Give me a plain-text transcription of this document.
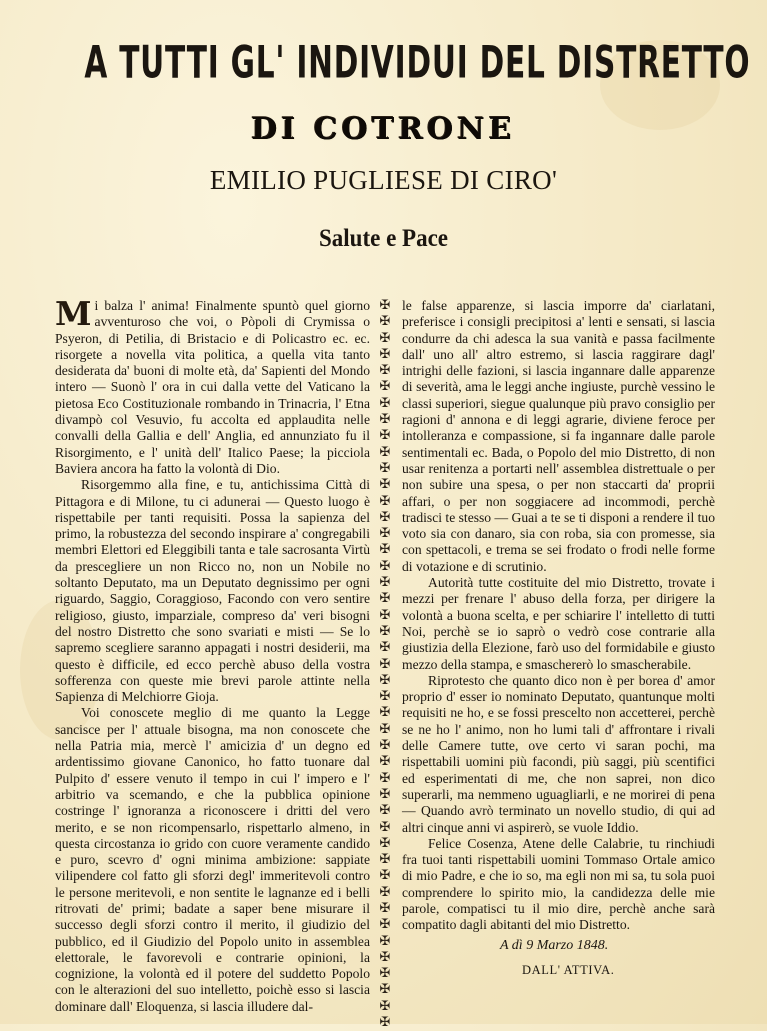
A TUTTI GL' INDIVIDUI DEL DISTRETTO
DI COTRONE
EMILIO PUGLIESE DI CIRO'
Salute e Pace

Mi balza l' anima! Finalmente spuntò quel giorno avventuroso che voi, o Pòpoli di Crymissa o Psyeron, di Petilia, di Bristacio e di Policastro ec. ec. risorgete a novella vita politica, a quella vita tanto desiderata da' buoni di molte età, da' Sapienti del Mondo intero — Suonò l' ora in cui dalla vette del Vaticano la pietosa Eco Costituzionale rombando in Trinacria, l' Etna divampò col Vesuvio, fu accolta ed applaudita nelle convalli della Gallia e dell' Anglia, ed annunziato fu il Risorgimento, e l' unità dell' Italico Paese; la picciola Baviera ancora ha fatto la volontà di Dio.

Risorgemmo alla fine, e tu, antichissima Città di Pittagora e di Milone, tu ci adunerai — Questo luogo è rispettabile per tanti requisiti. Possa la sapienza del primo, la robustezza del secondo inspirare a' congregabili membri Elettori ed Eleggibili tanta e tale sacrosanta Virtù da prescegliere un non Ricco no, non un Nobile no soltanto Deputato, ma un Deputato degnissimo per ogni riguardo, Saggio, Coraggioso, Facondo con vero sentire religioso, giusto, imparziale, compreso da' veri bisogni del nostro Distretto che sono svariati e misti — Se lo sapremo scegliere saranno appagati i nostri desiderii, ma questo è difficile, ed ecco perchè abuso della vostra sofferenza con queste mie brevi parole attinte nella Sapienza di Melchiorre Gioja.

Voi conoscete meglio di me quanto la Legge sancisce per l' attuale bisogna, ma non conoscete che nella Patria mia, mercè l' amicizia d' un degno ed ardentissimo giovane Canonico, ho fatto tuonare dal Pulpito d' essere venuto il tempo in cui l' impero e l' arbitrio va scemando, e che la pubblica opinione costringe l' ignoranza a riconoscere i dritti del vero merito, e se non ricompensarlo, rispettarlo almeno, in questa circostanza io grido con cuore veramente candido e puro, scevro d' ogni minima ambizione: sappiate vilipendere col fatto gli sforzi degl' immeritevoli contro le persone meritevoli, e non sentite le lagnanze ed i belli ritrovati de' primi; badate a saper bene misurare il successo degli sforzi contro il merito, il giudizio del pubblico, ed il Giudizio del Popolo unito in assemblea elettorale, le favorevoli e contrarie opinioni, la cognizione, la volontà ed il potere del suddetto Popolo con le alterazioni del suo intelletto, poichè esso si lascia dominare dall' Eloquenza, si lascia illudere dal-

✠ ✠ ✠ ✠ ✠ ✠ ✠ ✠ ✠ ✠ ✠ ✠ ✠ ✠ ✠ ✠ ✠ ✠ ✠ ✠ ✠ ✠ ✠ ✠ ✠ ✠ ✠ ✠ ✠ ✠ ✠ ✠ ✠ ✠ ✠ ✠ ✠ ✠ ✠ ✠ ✠ ✠ ✠ ✠ ✠

le false apparenze, si lascia imporre da' ciarlatani, preferisce i consigli precipitosi a' lenti e sensati, si lascia condurre da chi adesca la sua vanità e passa facilmente dall' uno all' altro estremo, si lascia raggirare dagl' intrighi delle fazioni, si lascia ingannare dalle apparenze di severità, ama le leggi anche ingiuste, purchè vessino le classi superiori, siegue qualunque più pravo consiglio per ragioni d' annona e di leggi agrarie, diviene feroce per intolleranza e compassione, si fa ingannare dalle parole sentimentali ec. Bada, o Popolo del mio Distretto, di non usar renitenza a portarti nell' assemblea distrettuale o per non subire una spesa, o per non staccarti da' proprii affari, o per non soggiacere ad incommodi, perchè tradisci te stesso — Guai a te se ti disponi a rendere il tuo voto sia con danaro, sia con roba, sia con promesse, sia con spettacoli, e trema se sei frodato o frodi nelle forme di votazione e di scrutinio.

Autorità tutte costituite del mio Distretto, trovate i mezzi per frenare l' abuso della forza, per dirigere la volontà a buona scelta, e per schiarire l' intelletto di tutti Noi, perchè se io saprò o vedrò cose contrarie alla giustizia della Elezione, farò uso del formidabile e giusto mezzo della stampa, e smaschererò lo smascherabile.

Riprotesto che quanto dico non è per borea d' amor proprio d' esser io nominato Deputato, quantunque molti requisiti ne ho, e se fossi prescelto non accetterei, perchè se ne ho l' animo, non ho lumi tali d' affrontare i rivali delle Camere tutte, ove certo vi saran pochi, ma rispettabili uomini più facondi, più saggi, più scentifici ed esperimentati di me, che non saprei, non dico superarli, ma nemmeno uguagliarli, e ne morirei di pena — Quando avrò terminato un novello studio, di qui ad altri cinque anni vi aspirerò, se vuole Iddio.

Felice Cosenza, Atene delle Calabrie, tu rinchiudi fra tuoi tanti rispettabili uomini Tommaso Ortale amico di mio Padre, e che io so, ma egli non mi sa, tu sola puoi comprendere lo spirito mio, la candidezza delle mie parole, compatisci tu il mio dire, perchè anche sarà compatito dagli abitanti del mio Distretto.

A dì 9 Marzo 1848.
DALL' ATTIVA.
